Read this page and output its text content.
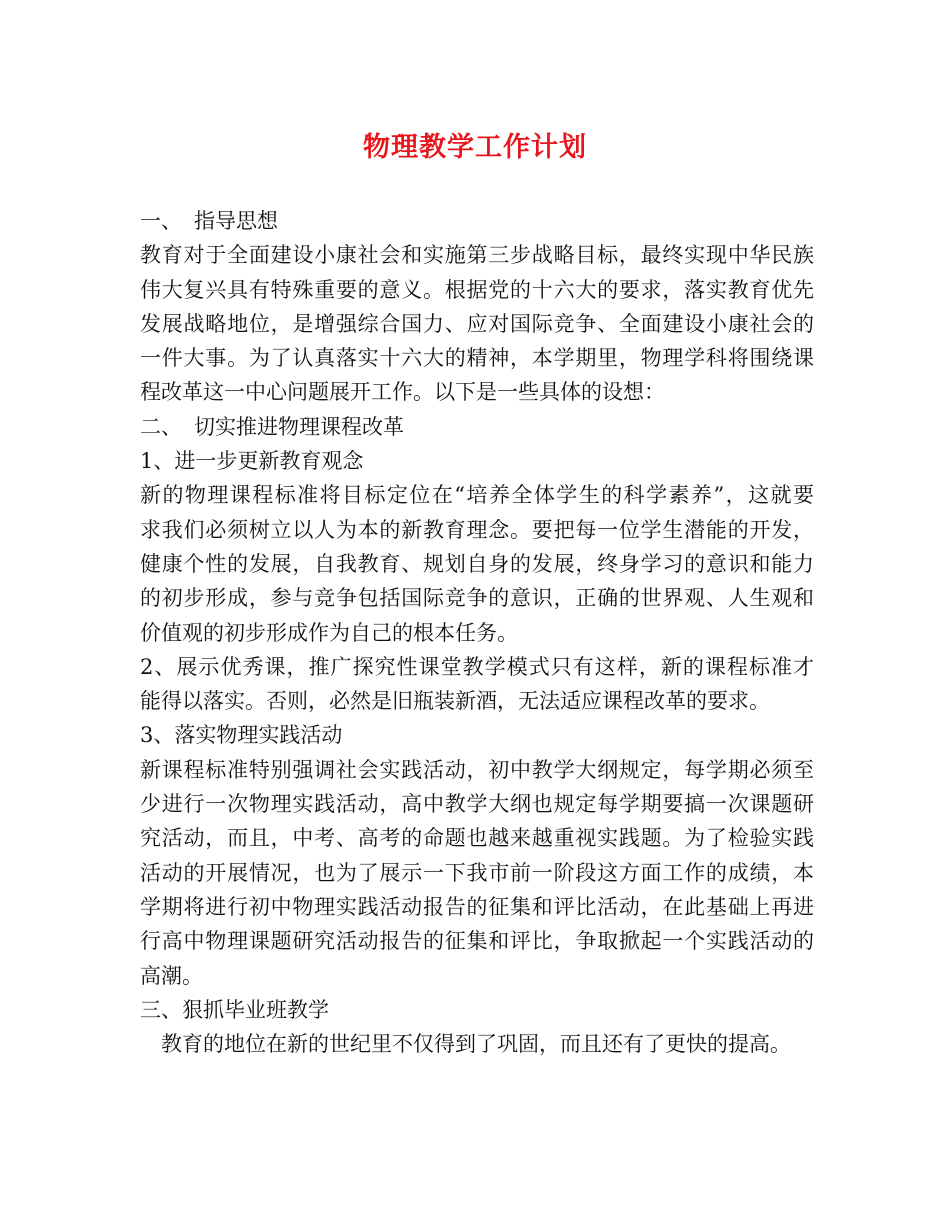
物理教学工作计划
一、 指导思想
教育对于全面建设小康社会和实施第三步战略目标，最终实现中华民族
伟大复兴具有特殊重要的意义。根据党的十六大的要求，落实教育优先
发展战略地位，是增强综合国力、应对国际竞争、全面建设小康社会的
一件大事。为了认真落实十六大的精神，本学期里，物理学科将围绕课
程改革这一中心问题展开工作。以下是一些具体的设想：
二、 切实推进物理课程改革
1、进一步更新教育观念
新的物理课程标准将目标定位在“培养全体学生的科学素养”，这就要
求我们必须树立以人为本的新教育理念。要把每一位学生潜能的开发，
健康个性的发展，自我教育、规划自身的发展，终身学习的意识和能力
的初步形成，参与竞争包括国际竞争的意识，正确的世界观、人生观和
价值观的初步形成作为自己的根本任务。
2、展示优秀课，推广探究性课堂教学模式只有这样，新的课程标准才
能得以落实。否则，必然是旧瓶装新酒，无法适应课程改革的要求。
3、落实物理实践活动
新课程标准特别强调社会实践活动，初中教学大纲规定，每学期必须至
少进行一次物理实践活动，高中教学大纲也规定每学期要搞一次课题研
究活动，而且，中考、高考的命题也越来越重视实践题。为了检验实践
活动的开展情况，也为了展示一下我市前一阶段这方面工作的成绩，本
学期将进行初中物理实践活动报告的征集和评比活动，在此基础上再进
行高中物理课题研究活动报告的征集和评比，争取掀起一个实践活动的
高潮。
三、狠抓毕业班教学
教育的地位在新的世纪里不仅得到了巩固，而且还有了更快的提高。
